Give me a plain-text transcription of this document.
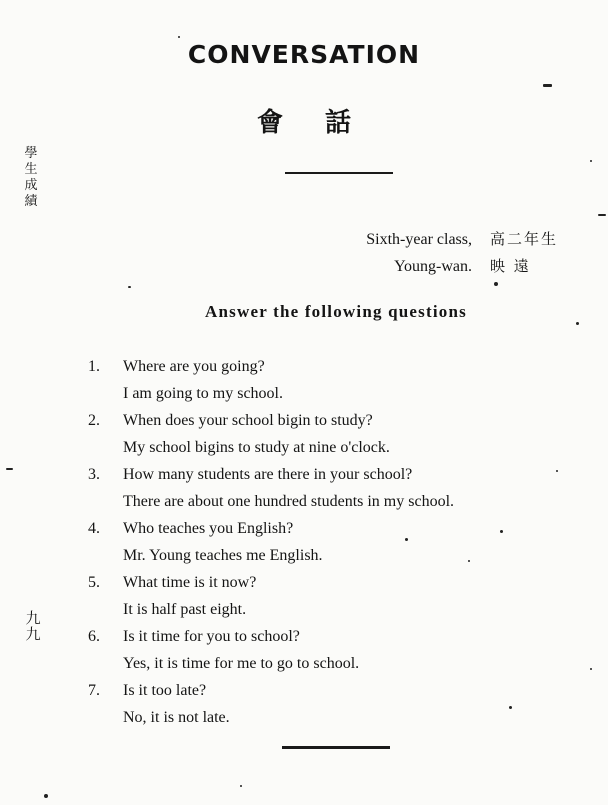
CONVERSATION
會 話
學
生
成
績
九
九
Sixth-year class,	高二年生
Young-wan.	映 遠
Answer the following questions
1. Where are you going?
I am going to my school.
2. When does your school bigin to study?
My school bigins to study at nine o'clock.
3. How many students are there in your school?
There are about one hundred students in my school.
4. Who teaches you English?
Mr. Young teaches me English.
5. What time is it now?
It is half past eight.
6. Is it time for you to school?
Yes, it is time for me to go to school.
7. Is it too late?
No, it is not late.
